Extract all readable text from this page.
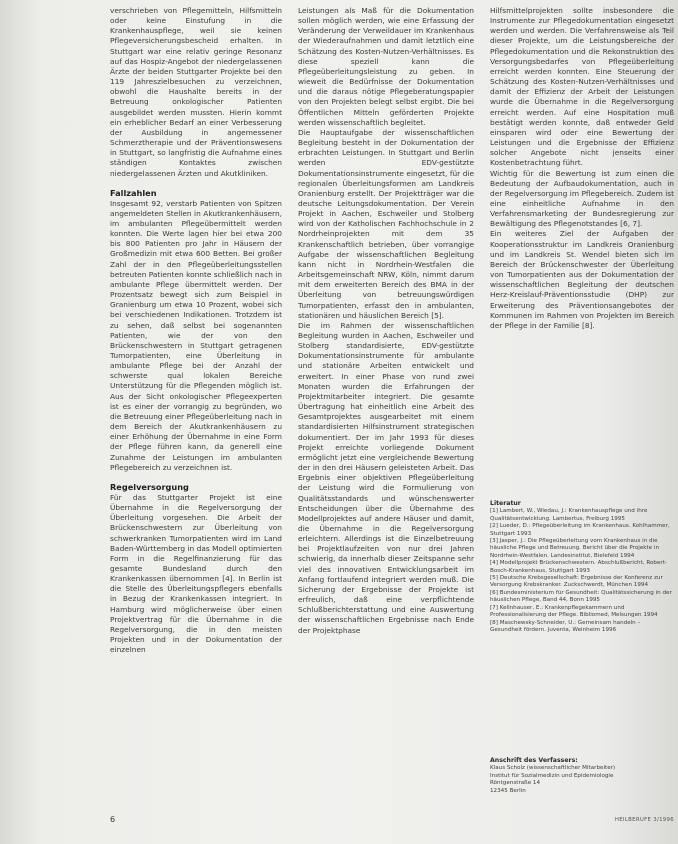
verschrieben von Pflegemitteln, Hilfsmitteln oder keine Einstufung in die Krankenhauspflege, weil sie keinen Pflegeversicherungsbescheid erhalten. In Stuttgart war eine relativ geringe Resonanz auf das Hospiz-Angebot der niedergelassenen Ärzte der beiden Stuttgarter Projekte bei den 119 Jahreszielbesuchen zu verzeichnen, obwohl die Haushalte bereits in der Betreuung onkologischer Patienten ausgebildet werden mussten. Hierin kommt ein erheblicher Bedarf an einer Verbesserung der Ausbildung in angemessener Schmerztherapie und der Präventionswesens in Stuttgart, so langfristig die Aufnahme eines ständigen Kontaktes zwischen niedergelassenen Ärzten und Akutkliniken.

Fallzahlen

Insgesamt 92, verstarb Patienten von Spitzen angemeldeten Stellen in Akutkrankenhäusern, im ambulanten Pflegeübermittelt werden konnten. Die Werte lagen hier bei etwa 200 bis 800 Patienten pro Jahr in Häusern der Großmedizin mit etwa 600 Betten. Bei großer Zahl der in den Pflegeüberleitungsstellen betreuten Patienten konnte schließlich nach in ambulante Pflege übermittelt werden. Der Prozentsatz bewegt sich zum Beispiel in Granienburg um etwa 10 Prozent, wobei sich bei verschiedenen Indikationen. Trotzdem ist zu sehen, daß selbst bei sogenannten Patienten, wie der von den Brückenschwestern in Stuttgart getragenen Tumorpatienten, eine Überleitung in ambulante Pflege bei der Anzahl der schwerste qual lokalen Bereiche Unterstützung für die Pflegenden möglich ist. Aus der Sicht onkologischer Pflegeexperten ist es einer der vorrangig zu begründen, wo die Betreuung einer Pflegeüberleitung nach in dem Bereich der Akutkrankenhäusern zu einer Erhöhung der Übernahme in eine Form der Pflege führen kann, da generell eine Zunahme der Leistungen im ambulanten Pflegebereich zu verzeichnen ist.

Regelversorgung

Für das Stuttgarter Projekt ist eine Übernahme in die Regelversorgung der Überleitung vorgesehen. Die Arbeit der Brückenschwestern zur Überleitung von schwerkranken Tumorpatienten wird im Land Baden-Württemberg in das Modell optimierten Form in die Regelfinanzierung für das gesamte Bundesland durch den Krankenkassen übernommen [4]. In Berlin ist die Stelle des Überleitungspflegers ebenfalls in Bezug der Krankenkassen integriert. In Hamburg wird möglicherweise über einen Projektvertrag für die Übernahme in die Regelversorgung, die in den meisten Projekten und in der Dokumentation der einzelnen

Leistungen als Maß für die Dokumentation sollen möglich werden, wie eine Erfassung der Veränderung der Verweildauer im Krankenhaus der Wiederaufnahmen und damit letztlich eine Schätzung des Kosten-Nutzen-Verhältnisses. Es diese speziell kann die Pflegeüberleitungsleistung zu geben. In wieweit die Bedürfnisse der Dokumentation und die daraus nötige Pflegeberatungspapier von den Projekten belegt selbst ergibt. Die bei Öffentlichen Mitteln geförderten Projekte werden wissenschaftlich begleitet.

Die Hauptaufgabe der wissenschaftlichen Begleitung besteht in der Dokumentation der erbrachten Leistungen. In Stuttgart und Berlin werden EDV-gestützte Dokumentationsinstrumente eingesetzt, für die regionalen Überleitungsformen am Landkreis Oranienburg erstellt. Der Projektträger war die deutsche Leitungsdokumentation. Der Verein Projekt in Aachen, Eschweiler und Stolberg wird von der Katholischen Fachhochschule in 2 Nordrheinprojekten mit dem 35 Krankenschaftlich betrieben, über vorrangige Aufgabe der wissenschaftlichen Begleitung kann nicht in Nordrhein-Westfalen die Arbeitsgemeinschaft NRW, Köln, nimmt darum mit dem erweiterten Bereich des BMA in der Überleitung von betreuungswürdigen Tumorpatienten, erfasst den in ambulanten, stationären und häuslichen Bereich [5].

Die im Rahmen der wissenschaftlichen Begleitung wurden in Aachen, Eschweiler und Stolberg standardisierte, EDV-gestützte Dokumentationsinstrumente für ambulante und stationäre Arbeiten entwickelt und erweitert. In einer Phase von rund zwei Monaten wurden die Erfahrungen der Projektmitarbeiter integriert. Die gesamte Übertragung hat einheitlich eine Arbeit des Gesamtprojektes ausgearbeitet mit einem standardisierten Hilfsinstrument strategischen dokumentiert. Der im Jahr 1993 für dieses Projekt erreichte vorliegende Dokument ermöglicht jetzt eine vergleichende Bewertung der in den drei Häusern geleisteten Arbeit. Das Ergebnis einer objektiven Pflegeüberleitung der Leistung wird die Formulierung von Qualitätsstandards und wünschenswerter Entscheidungen über die Übernahme des Modellprojektes auf andere Häuser und damit, die Übernahme in die Regelversorgung erleichtern. Allerdings ist die Einzelbetreuung bei Projektlaufzeiten von nur drei Jahren schwierig, da innerhalb dieser Zeitspanne sehr viel des innovativen Entwicklungsarbeit im Anfang fortlaufend integriert werden muß. Die Sicherung der Ergebnisse der Projekte ist erfreulich, daß eine verpflichtende Schlußberichterstattung und eine Auswertung der wissenschaftlichen Ergebnisse nach Ende der Projektphase

Hilfsmittelprojekten sollte insbesondere die Instrumente zur Pflegedokumentation eingesetzt werden und werden. Die Verfahrensweise als Teil dieser Projekte, um die Leistungsbereiche der Pflegedokumentation und die Rekonstruktion des Versorgungsbedarfes von Pflegeüberleitung erreicht werden konnten. Eine Steuerung der Schätzung des Kosten-Nutzen-Verhältnisses und damit der Effizienz der Arbeit der Leistungen wurde die Übernahme in die Regelversorgung erreicht werden. Auf eine Hospitation muß bestätigt werden konnte, daß entweder Geld einsparen wird oder eine Bewertung der Leistungen und die Ergebnisse der Effizienz solcher Angebote nicht jenseits einer Kostenbetrachtung führt.

Wichtig für die Bewertung ist zum einen die Bedeutung der Aufbaudokumentation, auch in der Regelversorgung im Pflegebereich. Zudem ist eine einheitliche Aufnahme in den Verfahrensmarketing der Bundesregierung zur Bewältigung des Pflegenotstandes [6, 7].

Ein weiteres Ziel der Aufgaben der Kooperationsstruktur im Landkreis Oranienburg und im Landkreis St. Wendel bieten sich im Bereich der Brückenschwester der Überleitung von Tumorpatienten aus der Dokumentation der wissenschaftlichen Begleitung der deutschen Herz-Kreislauf-Präventionsstudie (DHP) zur Erweiterung des Präventionsangebotes der Kommunen im Rahmen von Projekten im Bereich der Pflege in der Familie [8].

Literatur

[1] Lambert, W., Wiedau, J.: Krankenhauspflege und ihre Qualitätsentwicklung. Lambertus, Freiburg 1995

[2] Lueder, D.: Pflegeüberleitung im Krankenhaus. Kohlhammer, Stuttgart 1993

[3] Jasper, J.: Die Pflegeüberleitung vom Krankenhaus in die häusliche Pflege und Betreuung. Bericht über die Projekte in Nordrhein-Westfalen. Landesinstitut, Bielefeld 1994

[4] Modellprojekt Brückenschwestern. Abschlußbericht, Robert-Bosch-Krankenhaus, Stuttgart 1993

[5] Deutsche Krebsgesellschaft: Ergebnisse der Konferenz zur Versorgung Krebskranker. Zuckschwerdt, München 1994

[6] Bundesministerium für Gesundheit: Qualitätssicherung in der häuslichen Pflege, Band 44, Bonn 1995

[7] Kellnhauser, E.: Krankenpflegekammern und Professionalisierung der Pflege. Bibliomed, Melsungen 1994

[8] Maschewsky-Schneider, U.: Gemeinsam handeln – Gesundheit fördern. Juventa, Weinheim 1996

Anschrift des Verfassers:

Klaus Scholz (wissenschaftlicher Mitarbeiter)
Institut für Sozialmedizin und Epidemiologie
Röntgenstraße 14
12345 Berlin

6	HEILBERUFE 3/1996
